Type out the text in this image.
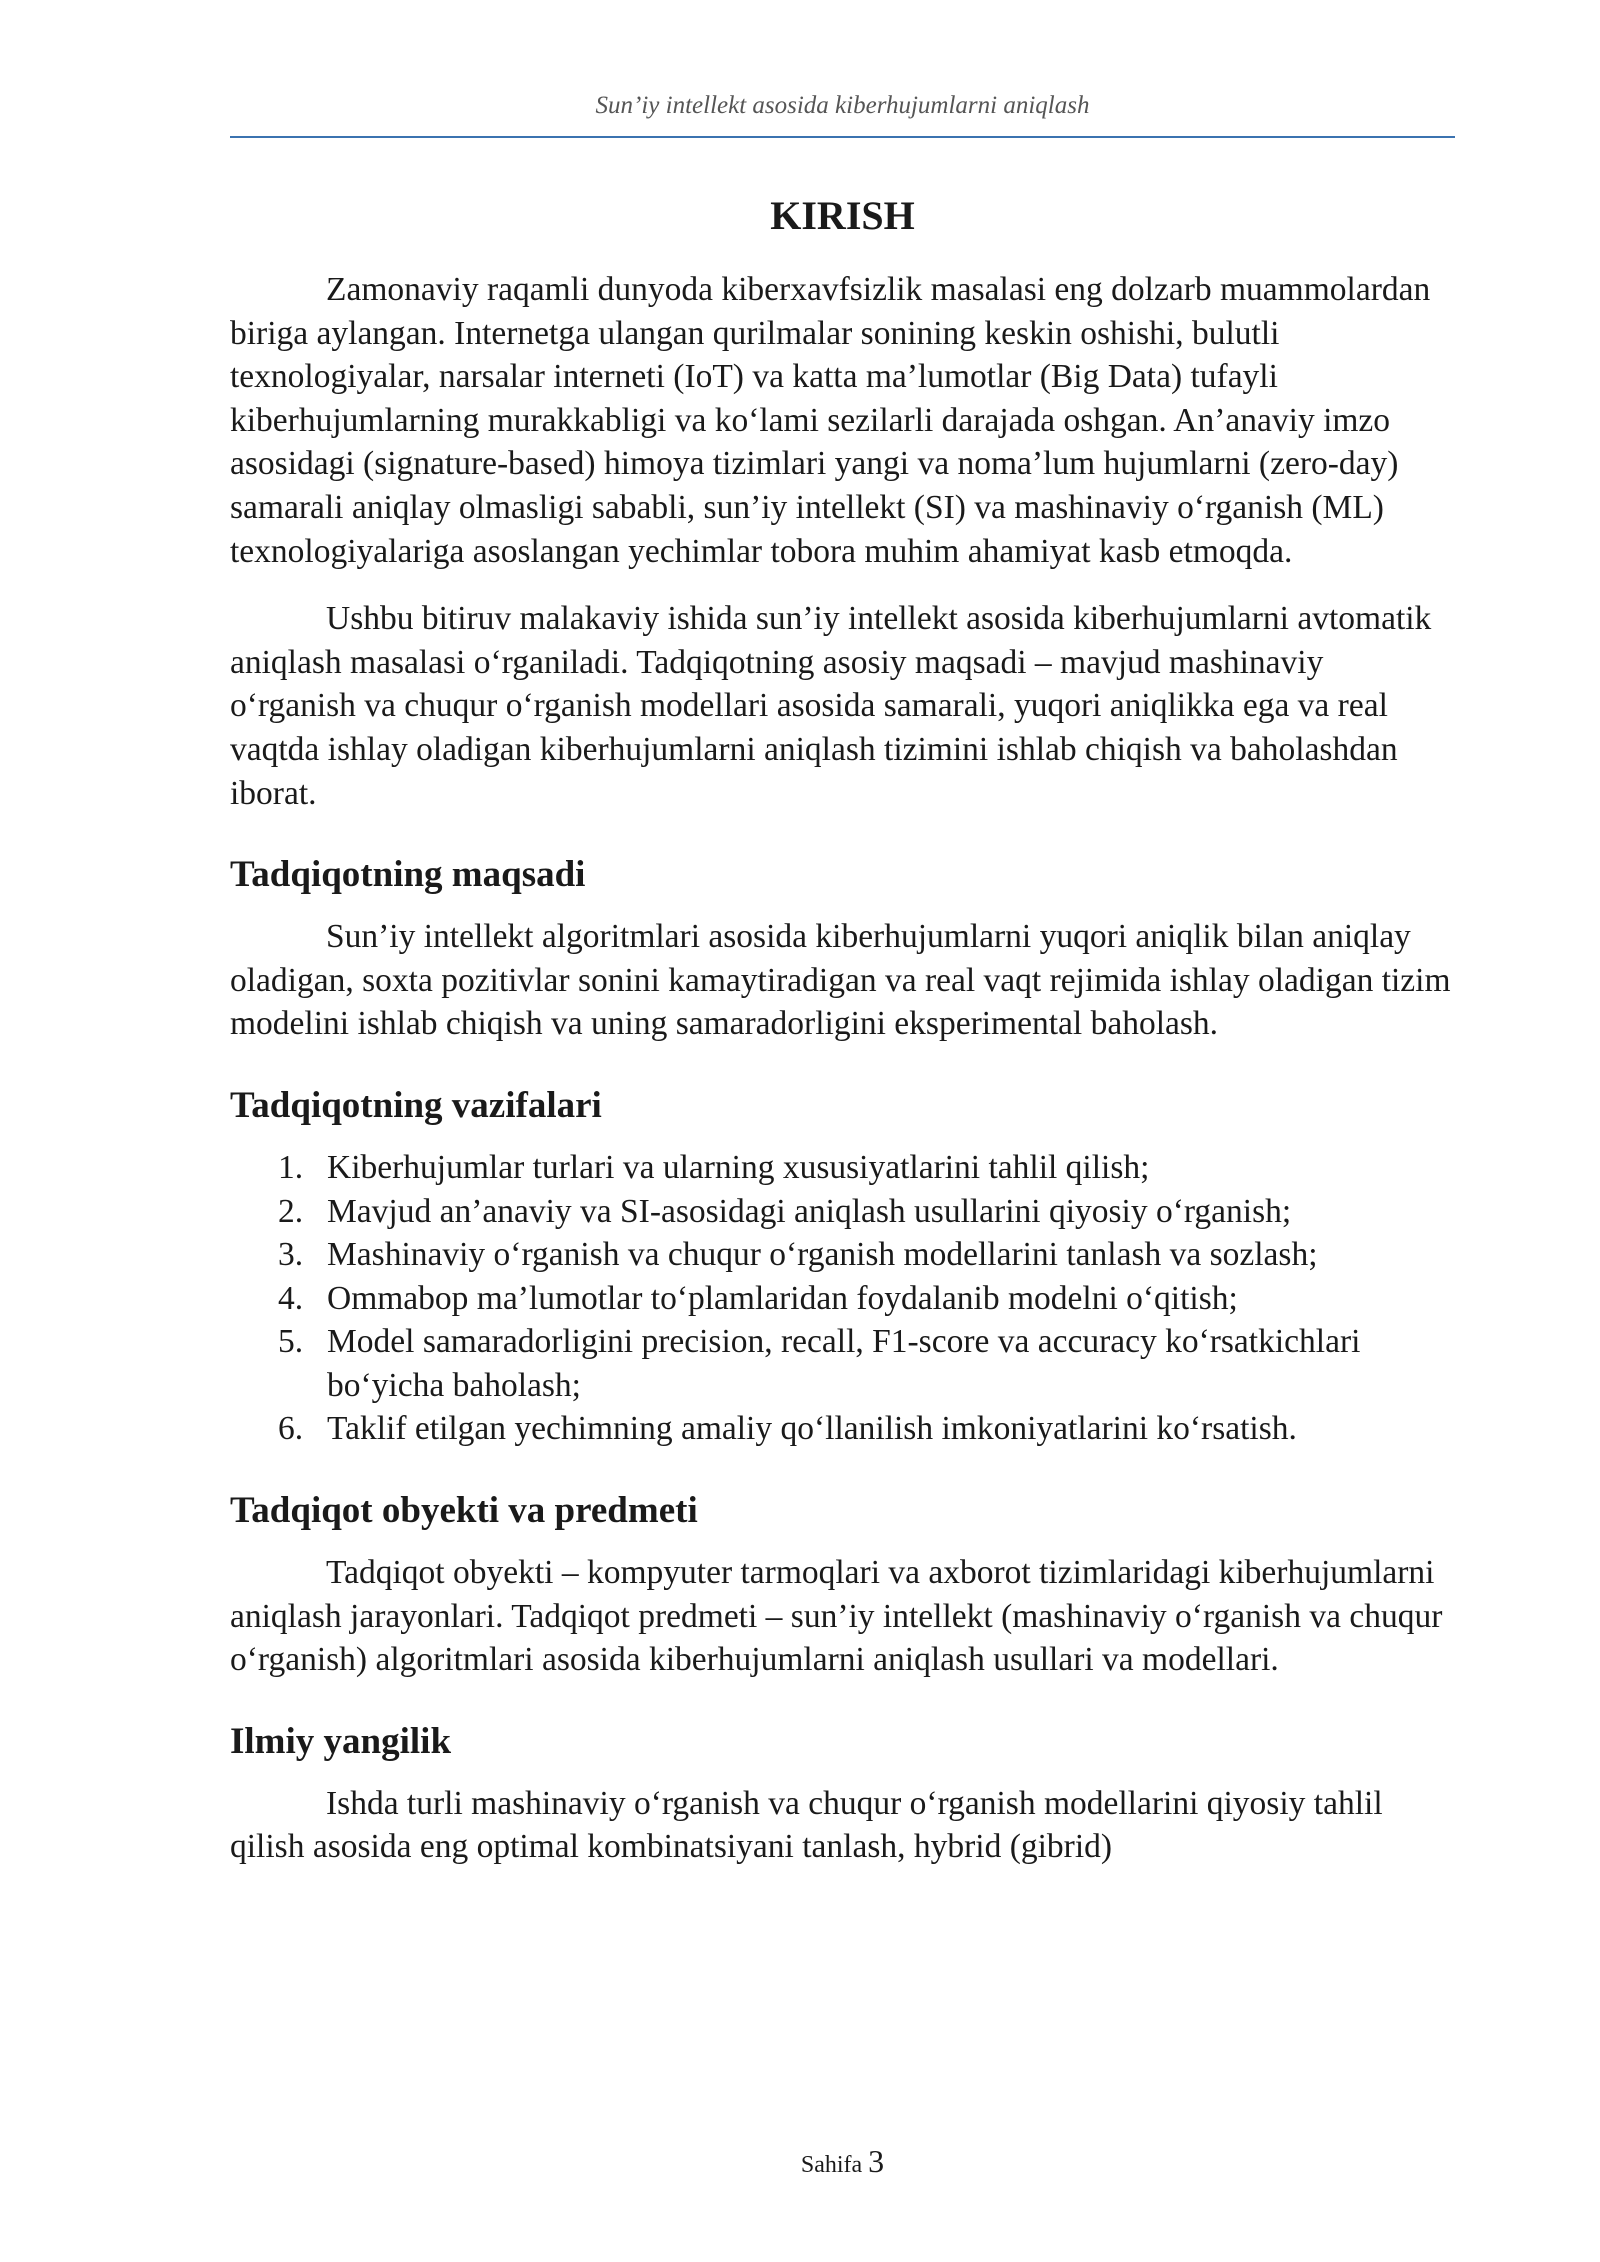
Sun’iy intellekt asosida kiberhujumlarni aniqlash
KIRISH

Zamonaviy raqamli dunyoda kiberxavfsizlik masalasi eng dolzarb muammolardan biriga aylangan. Internetga ulangan qurilmalar sonining keskin oshishi, bulutli texnologiyalar, narsalar interneti (IoT) va katta ma’lumotlar (Big Data) tufayli kiberhujumlarning murakkabligi va ko‘lami sezilarli darajada oshgan. An’anaviy imzo asosidagi (signature-based) himoya tizimlari yangi va noma’lum hujumlarni (zero-day) samarali aniqlay olmasligi sababli, sun’iy intellekt (SI) va mashinaviy o‘rganish (ML) texnologiyalariga asoslangan yechimlar tobora muhim ahamiyat kasb etmoqda.

Ushbu bitiruv malakaviy ishida sun’iy intellekt asosida kiberhujumlarni avtomatik aniqlash masalasi o‘rganiladi. Tadqiqotning asosiy maqsadi – mavjud mashinaviy o‘rganish va chuqur o‘rganish modellari asosida samarali, yuqori aniqlikka ega va real vaqtda ishlay oladigan kiberhujumlarni aniqlash tizimini ishlab chiqish va baholashdan iborat.

Tadqiqotning maqsadi

Sun’iy intellekt algoritmlari asosida kiberhujumlarni yuqori aniqlik bilan aniqlay oladigan, soxta pozitivlar sonini kamaytiradigan va real vaqt rejimida ishlay oladigan tizim modelini ishlab chiqish va uning samaradorligini eksperimental baholash.

Tadqiqotning vazifalari
1. Kiberhujumlar turlari va ularning xususiyatlarini tahlil qilish;
2. Mavjud an’anaviy va SI-asosidagi aniqlash usullarini qiyosiy o‘rganish;
3. Mashinaviy o‘rganish va chuqur o‘rganish modellarini tanlash va sozlash;
4. Ommabop ma’lumotlar to‘plamlaridan foydalanib modelni o‘qitish;
5. Model samaradorligini precision, recall, F1-score va accuracy ko‘rsatkichlari bo‘yicha baholash;
6. Taklif etilgan yechimning amaliy qo‘llanilish imkoniyatlarini ko‘rsatish.
Tadqiqot obyekti va predmeti

Tadqiqot obyekti – kompyuter tarmoqlari va axborot tizimlaridagi kiberhujumlarni aniqlash jarayonlari. Tadqiqot predmeti – sun’iy intellekt (mashinaviy o‘rganish va chuqur o‘rganish) algoritmlari asosida kiberhujumlarni aniqlash usullari va modellari.

Ilmiy yangilik

Ishda turli mashinaviy o‘rganish va chuqur o‘rganish modellarini qiyosiy tahlil qilish asosida eng optimal kombinatsiyani tanlash, hybrid (gibrid)

Sahifa 3
